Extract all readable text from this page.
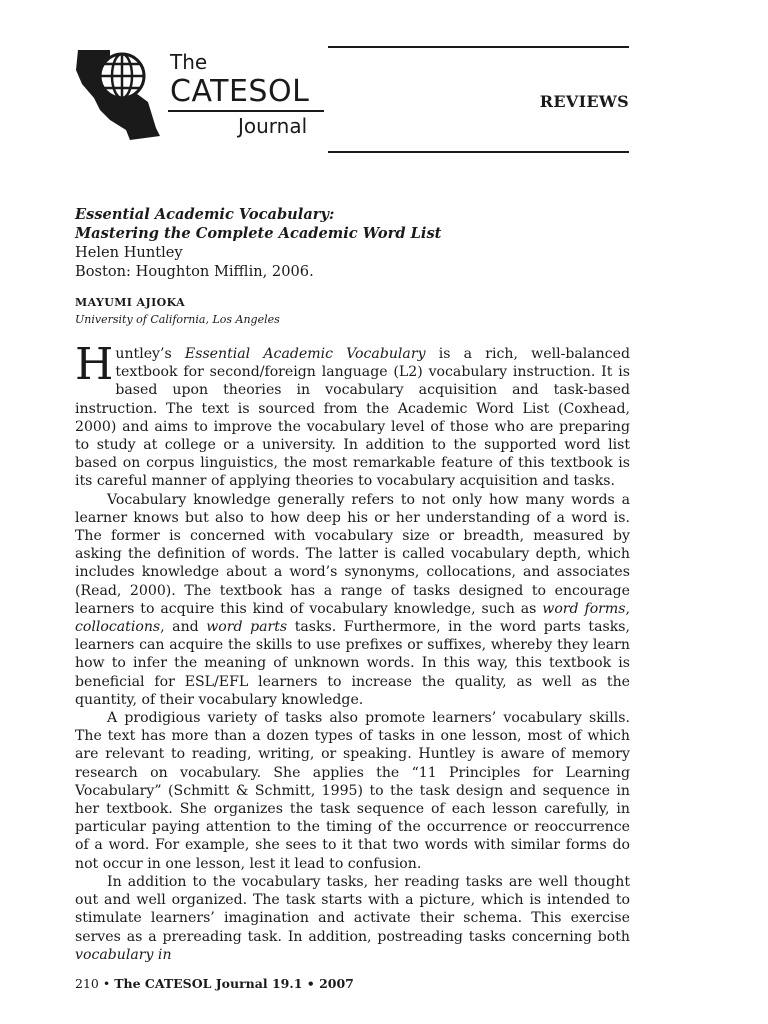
The
CATESOL
Journal
REVIEWS
Essential Academic Vocabulary:
Mastering the Complete Academic Word List
Helen Huntley
Boston: Houghton Mifflin, 2006.
MAYUMI AJIOKA
University of California, Los Angeles

Huntley’s Essential Academic Vocabulary is a rich, well-balanced textbook for second/foreign language (L2) vocabulary instruction. It is based upon theories in vocabulary acquisition and task-based instruction. The text is sourced from the Academic Word List (Coxhead, 2000) and aims to improve the vocabulary level of those who are preparing to study at college or a university. In addition to the supported word list based on corpus linguistics, the most remarkable feature of this textbook is its careful manner of applying theories to vocabulary acquisition and tasks.

Vocabulary knowledge generally refers to not only how many words a learner knows but also to how deep his or her understanding of a word is. The former is concerned with vocabulary size or breadth, measured by asking the definition of words. The latter is called vocabulary depth, which includes knowledge about a word’s synonyms, collocations, and associates (Read, 2000). The textbook has a range of tasks designed to encourage learners to acquire this kind of vocabulary knowledge, such as word forms, collocations, and word parts tasks. Furthermore, in the word parts tasks, learners can acquire the skills to use prefixes or suffixes, whereby they learn how to infer the meaning of unknown words. In this way, this textbook is beneficial for ESL/EFL learners to increase the quality, as well as the quantity, of their vocabulary knowledge.

A prodigious variety of tasks also promote learners’ vocabulary skills. The text has more than a dozen types of tasks in one lesson, most of which are relevant to reading, writing, or speaking. Huntley is aware of memory research on vocabulary. She applies the “11 Principles for Learning Vocabulary” (Schmitt & Schmitt, 1995) to the task design and sequence in her textbook. She organizes the task sequence of each lesson carefully, in particular paying attention to the timing of the occurrence or reoccurrence of a word. For example, she sees to it that two words with similar forms do not occur in one lesson, lest it lead to confusion.

In addition to the vocabulary tasks, her reading tasks are well thought out and well organized. The task starts with a picture, which is intended to stimulate learners’ imagination and activate their schema. This exercise serves as a prereading task. In addition, postreading tasks concerning both vocabulary in

210 • The CATESOL Journal 19.1 • 2007
